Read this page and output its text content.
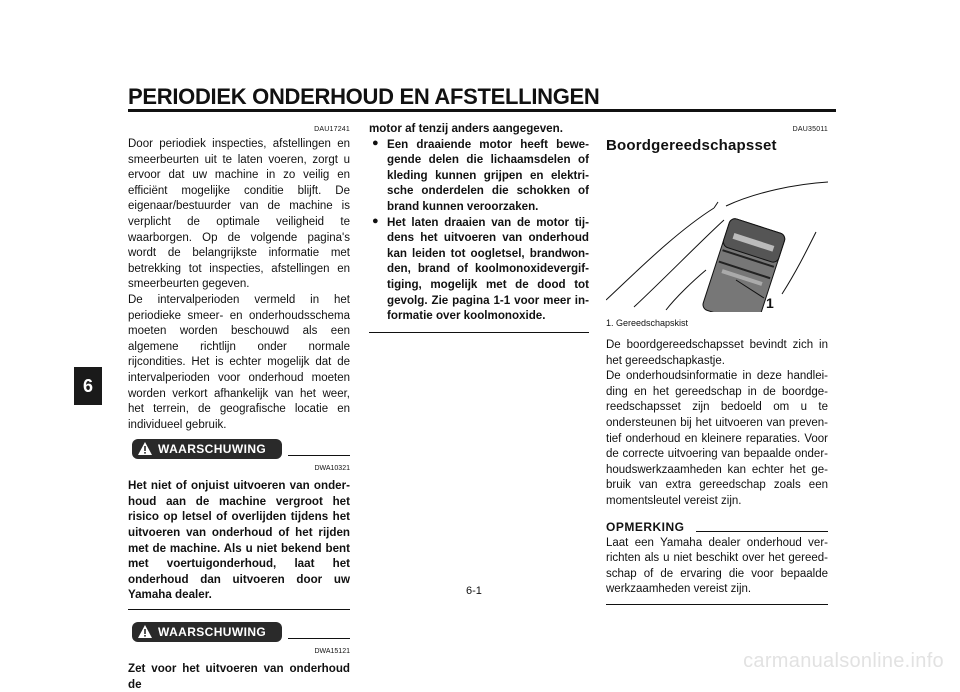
PERIODIEK ONDERHOUD EN AFSTELLINGEN
6
DAU17241

Door periodiek inspecties, afstellingen en smeerbeurten uit te laten voeren, zorgt u ervoor dat uw machine in zo veilig en efficiënt mogelijke conditie blijft. De eigenaar/bestuurder van de machine is verplicht de optimale veiligheid te waarborgen. Op de volgende pagina's wordt de belangrijkste informatie met betrekking tot inspecties, afstellingen en smeerbeurten gegeven.

De intervalperioden vermeld in het periodieke smeer- en onderhoudsschema moeten worden beschouwd als een algemene richtlijn onder normale rijcondities. Het is echter mogelijk dat de intervalperioden voor onderhoud moeten worden verkort afhankelijk van het weer, het terrein, de geografische locatie en individueel gebruik.

WAARSCHUWING
DWA10321

Het niet of onjuist uitvoeren van onderhoud aan de machine vergroot het risico op letsel of overlijden tijdens het uitvoeren van onderhoud of het rijden met de machine. Als u niet bekend bent met voertuigonderhoud, laat het onderhoud dan uitvoeren door uw Yamaha dealer.

WAARSCHUWING
DWA15121

Zet voor het uitvoeren van onderhoud de

motor af tenzij anders aangegeven.

● Een draaiende motor heeft bewegende delen die lichaamsdelen of kleding kunnen grijpen en elektrische onderdelen die schokken of brand kunnen veroorzaken.

● Het laten draaien van de motor tijdens het uitvoeren van onderhoud kan leiden tot oogletsel, brandwonden, brand of koolmonoxidevergiftiging, mogelijk met de dood tot gevolg. Zie pagina 1-1 voor meer informatie over koolmonoxide.

DAU35011
Boordgereedschapsset
1
1. Gereedschapskist

De boordgereedschapsset bevindt zich in het gereedschapkastje.

De onderhoudsinformatie in deze handleiding en het gereedschap in de boordgereedschapsset zijn bedoeld om u te ondersteunen bij het uitvoeren van preventief onderhoud en kleinere reparaties. Voor de correcte uitvoering van bepaalde onderhoudswerkzaamheden kan echter het gebruik van extra gereedschap zoals een momentsleutel vereist zijn.

OPMERKING

Laat een Yamaha dealer onderhoud verrichten als u niet beschikt over het gereedschap of de ervaring die voor bepaalde werkzaamheden vereist zijn.

6-1
carmanualsonline.info
